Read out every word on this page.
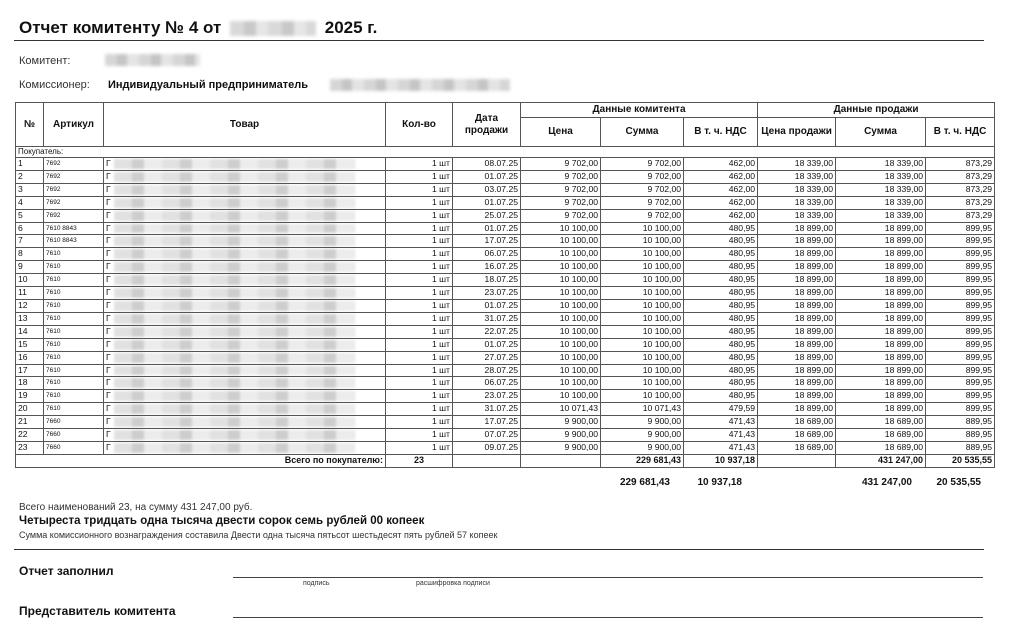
Отчет комитенту № 4 от	2025 г.
Комитент:
Комиссионер: Индивидуальный предприниматель
№	Артикул	Товар	Кол-во	Дата продажи	Данные комитента			Данные продажи		
					Цена	Сумма	В т. ч. НДС	Цена продажи	Сумма	В т. ч. НДС
Покупатель:										
1	7692	Г	1 шт	08.07.25	9 702,00	9 702,00	462,00	18 339,00	18 339,00	873,29
2	7692	Г	1 шт	01.07.25	9 702,00	9 702,00	462,00	18 339,00	18 339,00	873,29
3	7692	Г	1 шт	03.07.25	9 702,00	9 702,00	462,00	18 339,00	18 339,00	873,29
4	7692	Г	1 шт	01.07.25	9 702,00	9 702,00	462,00	18 339,00	18 339,00	873,29
5	7692	Г	1 шт	25.07.25	9 702,00	9 702,00	462,00	18 339,00	18 339,00	873,29
6	7610 8843	Г	1 шт	01.07.25	10 100,00	10 100,00	480,95	18 899,00	18 899,00	899,95
7	7610 8843	Г	1 шт	17.07.25	10 100,00	10 100,00	480,95	18 899,00	18 899,00	899,95
8	7610	Г	1 шт	06.07.25	10 100,00	10 100,00	480,95	18 899,00	18 899,00	899,95
9	7610	Г	1 шт	16.07.25	10 100,00	10 100,00	480,95	18 899,00	18 899,00	899,95
10	7610	Г	1 шт	18.07.25	10 100,00	10 100,00	480,95	18 899,00	18 899,00	899,95
11	7610	Г	1 шт	23.07.25	10 100,00	10 100,00	480,95	18 899,00	18 899,00	899,95
12	7610	Г	1 шт	01.07.25	10 100,00	10 100,00	480,95	18 899,00	18 899,00	899,95
13	7610	Г	1 шт	31.07.25	10 100,00	10 100,00	480,95	18 899,00	18 899,00	899,95
14	7610	Г	1 шт	22.07.25	10 100,00	10 100,00	480,95	18 899,00	18 899,00	899,95
15	7610	Г	1 шт	01.07.25	10 100,00	10 100,00	480,95	18 899,00	18 899,00	899,95
16	7610	Г	1 шт	27.07.25	10 100,00	10 100,00	480,95	18 899,00	18 899,00	899,95
17	7610	Г	1 шт	28.07.25	10 100,00	10 100,00	480,95	18 899,00	18 899,00	899,95
18	7610	Г	1 шт	06.07.25	10 100,00	10 100,00	480,95	18 899,00	18 899,00	899,95
19	7610	Г	1 шт	23.07.25	10 100,00	10 100,00	480,95	18 899,00	18 899,00	899,95
20	7610	Г	1 шт	31.07.25	10 071,43	10 071,43	479,59	18 899,00	18 899,00	899,95
21	7660	Г	1 шт	17.07.25	9 900,00	9 900,00	471,43	18 689,00	18 689,00	889,95
22	7660	Г	1 шт	07.07.25	9 900,00	9 900,00	471,43	18 689,00	18 689,00	889,95
23	7660	Г	1 шт	09.07.25	9 900,00	9 900,00	471,43	18 689,00	18 689,00	889,95
Всего по покупателю:			23			229 681,43	10 937,18		431 247,00	20 535,55
229 681,43	10 937,18	431 247,00	20 535,55
Всего наименований 23, на сумму 431 247,00 руб.
Четыреста тридцать одна тысяча двести сорок семь рублей 00 копеек
Сумма комиссионного вознаграждения составила Двести одна тысяча пятьсот шестьдесят пять рублей 57 копеек
Отчет заполнил
подпись	расшифровка подписи
Представитель комитента
